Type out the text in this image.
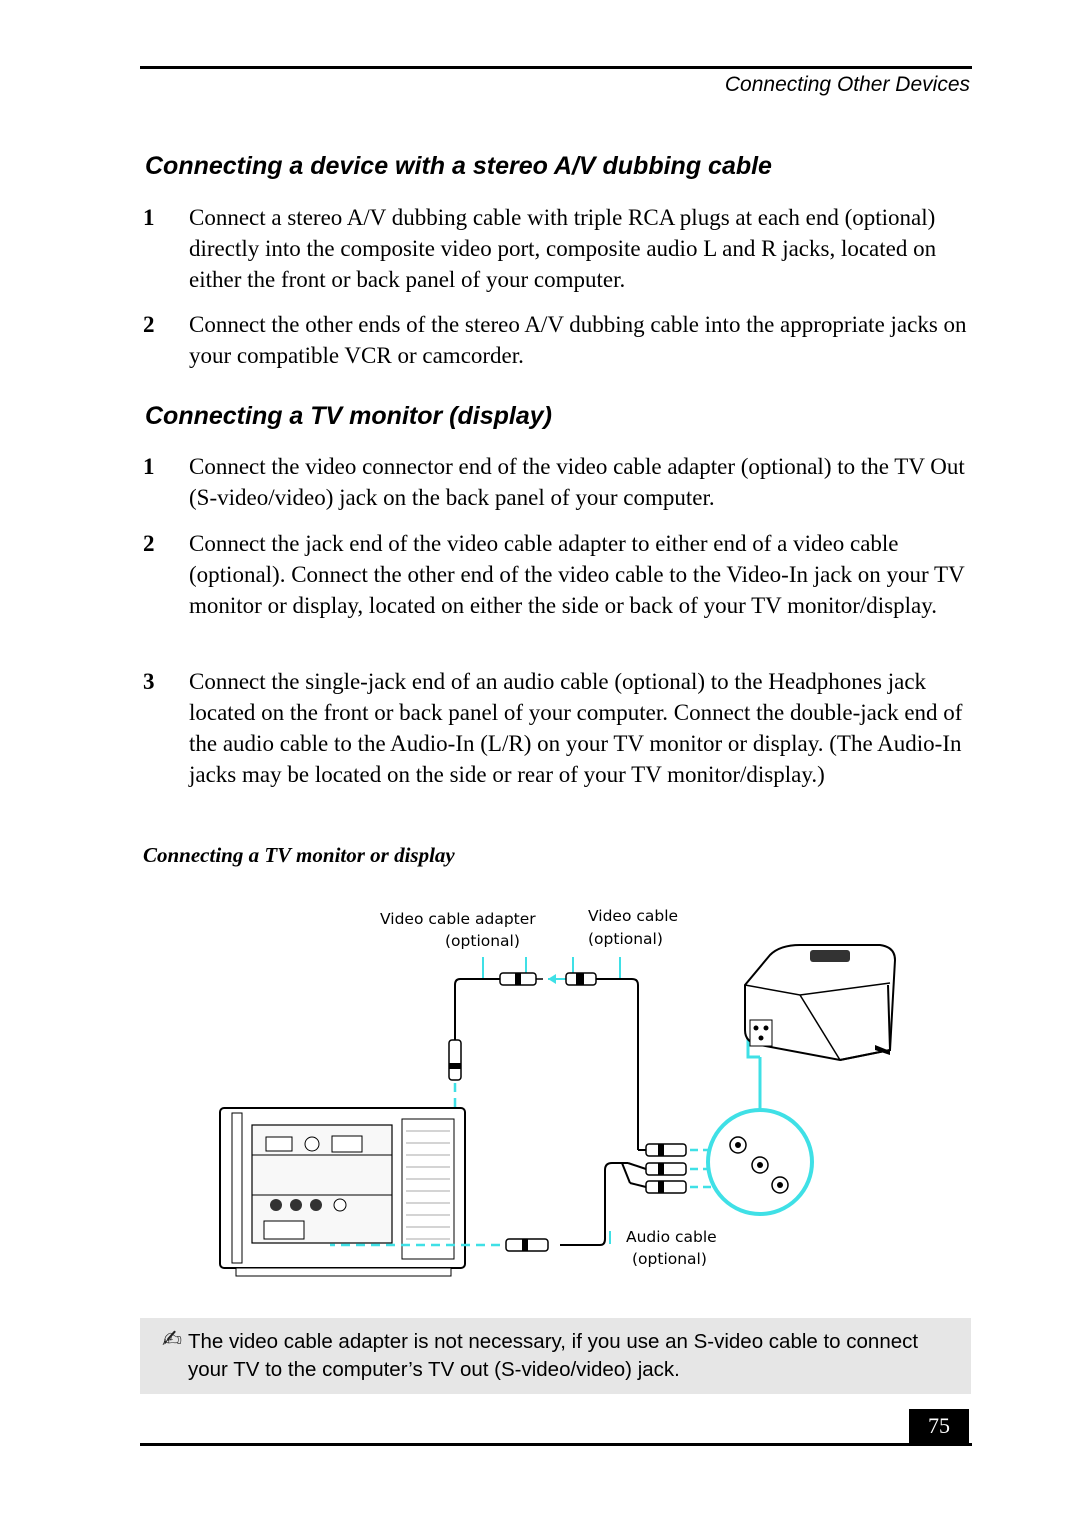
Connecting Other Devices
Connecting a device with a stereo A/V dubbing cable
1	Connect a stereo A/V dubbing cable with triple RCA plugs at each end (optional) directly into the composite video port, composite audio L and R jacks, located on either the front or back panel of your computer.
2	Connect the other ends of the stereo A/V dubbing cable into the appropriate jacks on your compatible VCR or camcorder.
Connecting a TV monitor (display)
1	Connect the video connector end of the video cable adapter (optional) to the TV Out (S-video/video) jack on the back panel of your computer.
2	Connect the jack end of the video cable adapter to either end of a video cable (optional). Connect the other end of the video cable to the Video-In jack on your TV monitor or display, located on either the side or back of your TV monitor/display.
3	Connect the single-jack end of an audio cable (optional) to the Headphones jack located on the front or back panel of your computer. Connect the double-jack end of the audio cable to the Audio-In (L/R) on your TV monitor or display. (The Audio-In jacks may be located on the side or rear of your TV monitor/display.)
Connecting a TV monitor or display
Video cable adapter
(optional)
Video cable
(optional)
Audio cable
(optional)
✍ The video cable adapter is not necessary, if you use an S-video cable to connect your TV to the computer’s TV out (S-video/video) jack.
75
